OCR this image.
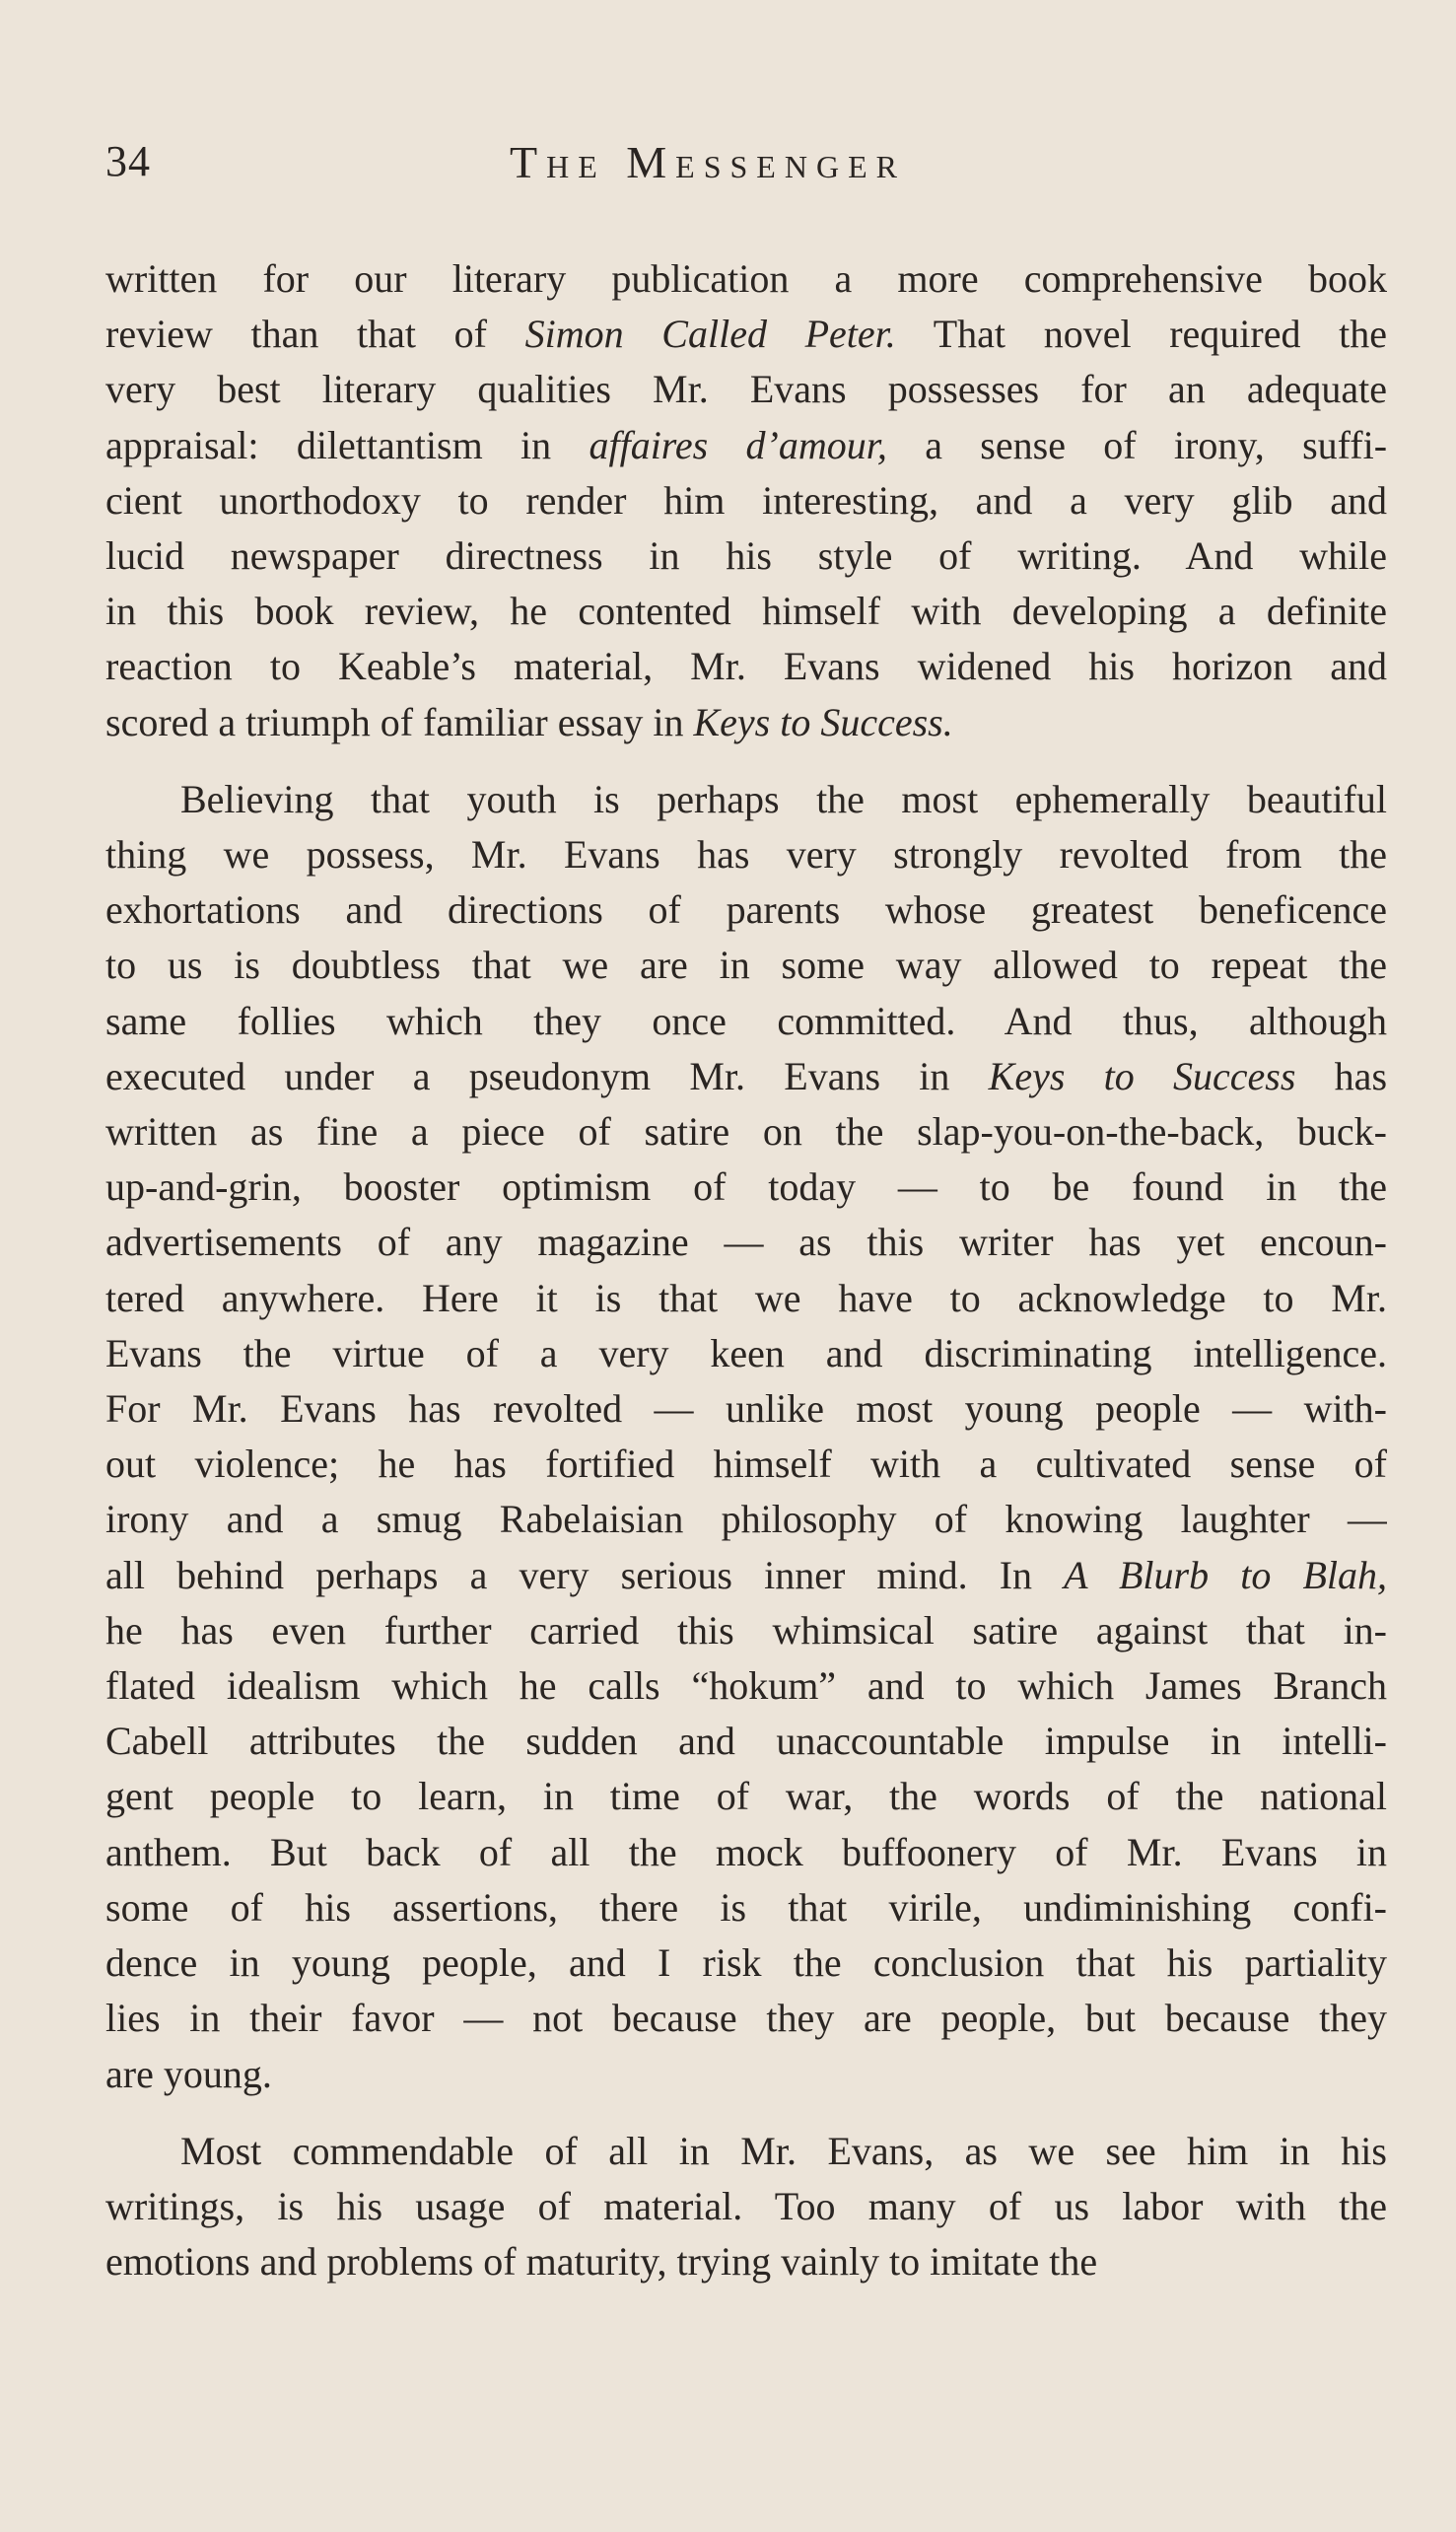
34	The Messenger

written for our literary publication a more comprehensive book
review than that of Simon Called Peter. That novel required the
very best literary qualities Mr. Evans possesses for an adequate
appraisal: dilettantism in affaires d’amour, a sense of irony, suffi-
cient unorthodoxy to render him interesting, and a very glib and
lucid newspaper directness in his style of writing. And while
in this book review, he contented himself with developing a definite
reaction to Keable’s material, Mr. Evans widened his horizon and
scored a triumph of familiar essay in Keys to Success.

Believing that youth is perhaps the most ephemerally beautiful
thing we possess, Mr. Evans has very strongly revolted from the
exhortations and directions of parents whose greatest beneficence
to us is doubtless that we are in some way allowed to repeat the
same follies which they once committed. And thus, although
executed under a pseudonym Mr. Evans in Keys to Success has
written as fine a piece of satire on the slap-you-on-the-back, buck-
up-and-grin, booster optimism of today — to be found in the
advertisements of any magazine — as this writer has yet encoun-
tered anywhere. Here it is that we have to acknowledge to Mr.
Evans the virtue of a very keen and discriminating intelligence.
For Mr. Evans has revolted — unlike most young people — with-
out violence; he has fortified himself with a cultivated sense of
irony and a smug Rabelaisian philosophy of knowing laughter —
all behind perhaps a very serious inner mind. In A Blurb to Blah,
he has even further carried this whimsical satire against that in-
flated idealism which he calls “hokum” and to which James Branch
Cabell attributes the sudden and unaccountable impulse in intelli-
gent people to learn, in time of war, the words of the national
anthem. But back of all the mock buffoonery of Mr. Evans in
some of his assertions, there is that virile, undiminishing confi-
dence in young people, and I risk the conclusion that his partiality
lies in their favor — not because they are people, but because they
are young.

Most commendable of all in Mr. Evans, as we see him in his
writings, is his usage of material. Too many of us labor with the
emotions and problems of maturity, trying vainly to imitate the
